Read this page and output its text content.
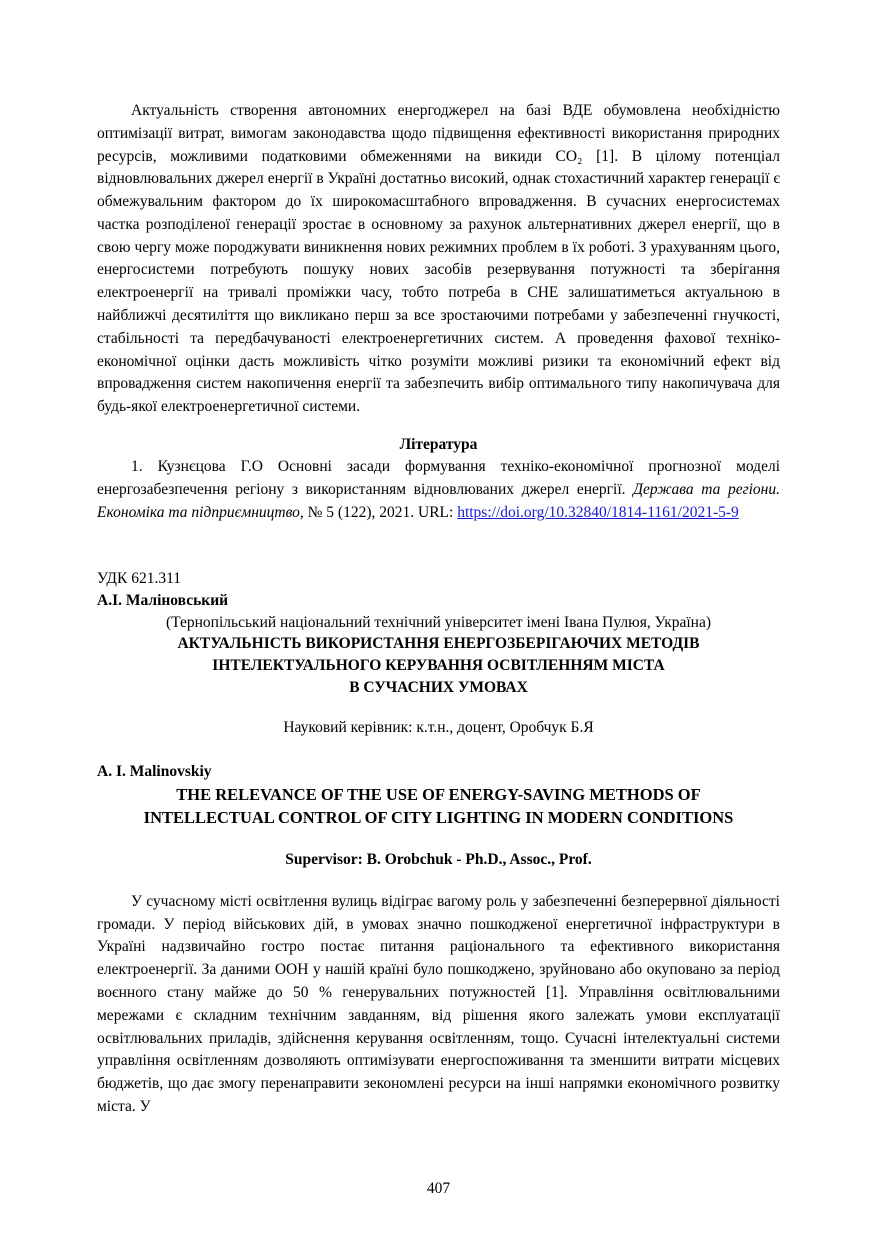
Актуальність створення автономних енергоджерел на базі ВДЕ обумовлена необхідністю оптимізації витрат, вимогам законодавства щодо підвищення ефективності використання природних ресурсів, можливими податковими обмеженнями на викиди CO₂ [1]. В цілому потенціал відновлювальних джерел енергії в Україні достатньо високий, однак стохастичний характер генерації є обмежувальним фактором до їх широкомасштабного впровадження. В сучасних енергосистемах частка розподіленої генерації зростає в основному за рахунок альтернативних джерел енергії, що в свою чергу може породжувати виникнення нових режимних проблем в їх роботі. З урахуванням цього, енергосистеми потребують пошуку нових засобів резервування потужності та зберігання електроенергії на тривалі проміжки часу, тобто потреба в СНЕ залишатиметься актуальною в найближчі десятиліття що викликано перш за все зростаючими потребами у забезпеченні гнучкості, стабільності та передбачуваності електроенергетичних систем. А проведення фахової техніко-економічної оцінки дасть можливість чітко розуміти можливі ризики та економічний ефект від впровадження систем накопичення енергії та забезпечить вибір оптимального типу накопичувача для будь-якої електроенергетичної системи.

Література
1. Кузнєцова Г.О Основні засади формування техніко-економічної прогнозної моделі енергозабезпечення регіону з використанням відновлюваних джерел енергії. Держава та регіони. Економіка та підприємництво, № 5 (122), 2021. URL: https://doi.org/10.32840/1814-1161/2021-5-9
УДК 621.311
А.І. Маліновський
(Тернопільський національний технічний університет імені Івана Пулюя, Україна)
АКТУАЛЬНІСТЬ ВИКОРИСТАННЯ ЕНЕРГОЗБЕРІГАЮЧИХ МЕТОДІВ
ІНТЕЛЕКТУАЛЬНОГО КЕРУВАННЯ ОСВІТЛЕННЯМ МІСТА
В СУЧАСНИХ УМОВАХ
Науковий керівник: к.т.н., доцент, Оробчук Б.Я
A. I. Malinovskiy
THE RELEVANCE OF THE USE OF ENERGY-SAVING METHODS OF
INTELLECTUAL CONTROL OF CITY LIGHTING IN MODERN CONDITIONS
Supervisor: B. Orobchuk - Ph.D., Assoc., Prof.

У сучасному місті освітлення вулиць відіграє вагому роль у забезпеченні безперервної діяльності громади. У період військових дій, в умовах значно пошкодженої енергетичної інфраструктури в Україні надзвичайно гостро постає питання раціонального та ефективного використання електроенергії. За даними ООН у нашій країні було пошкоджено, зруйновано або окуповано за період воєнного стану майже до 50 % генерувальних потужностей [1]. Управління освітлювальними мережами є складним технічним завданням, від рішення якого залежать умови експлуатації освітлювальних приладів, здійснення керування освітленням, тощо. Сучасні інтелектуальні системи управління освітленням дозволяють оптимізувати енергоспоживання та зменшити витрати місцевих бюджетів, що дає змогу перенаправити зекономлені ресурси на інші напрямки економічного розвитку міста. У

407
